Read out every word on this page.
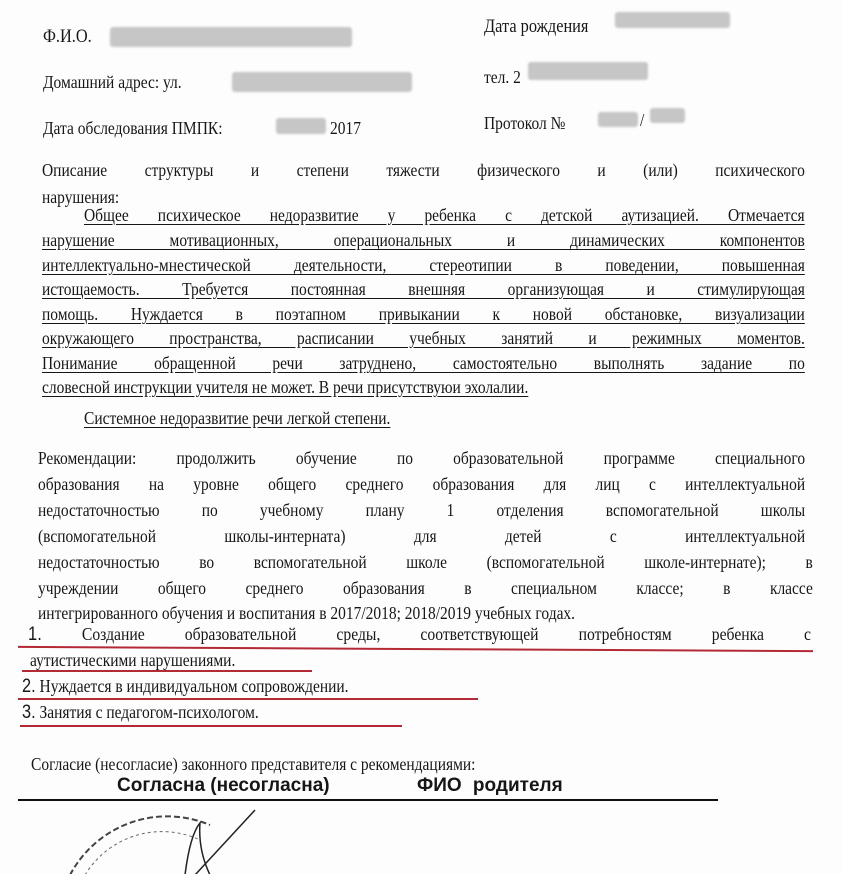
Ф.И.О.	Дата рождения
Домашний адрес: ул.	тел. 2
Дата обследования ПМПК:	2017	Протокол №	/
Описание структуры и степени тяжести физического и (или) психического
нарушения:
Общее психическое недоразвитие у ребенка с детской аутизацией. Отмечается
нарушение мотивационных, операциональных и динамических компонентов
интеллектуально-мнестической деятельности, стереотипии в поведении, повышенная
истощаемость. Требуется постоянная внешняя организующая и стимулирующая
помощь. Нуждается в поэтапном привыкании к новой обстановке, визуализации
окружающего пространства, расписании учебных занятий и режимных моментов.
Понимание обращенной речи затруднено, самостоятельно выполнять задание по
словесной инструкции учителя не может. В речи присутствуюи эхолалии.
Системное недоразвитие речи легкой степени.
Рекомендации: продолжить обучение по образовательной программе специального
образования на уровне общего среднего образования для лиц с интеллектуальной
недостаточностью по учебному плану 1 отделения вспомогательной школы
(вспомогательной школы-интерната) для детей с интеллектуальной
недостаточностью во вспомогательной школе (вспомогательной школе-интернате); в
учреждении общего среднего образования в специальном классе; в классе
интегрированного обучения и воспитания в 2017/2018; 2018/2019 учебных годах.
1. Создание образовательной среды, соответствующей потребностям ребенка с
аутистическими нарушениями.
2. Нуждается в индивидуальном сопровождении.
3. Занятия с педагогом-психологом.
Согласие (несогласие) законного представителя с рекомендациями:
Согласна (несогласна)	ФИО родителя
